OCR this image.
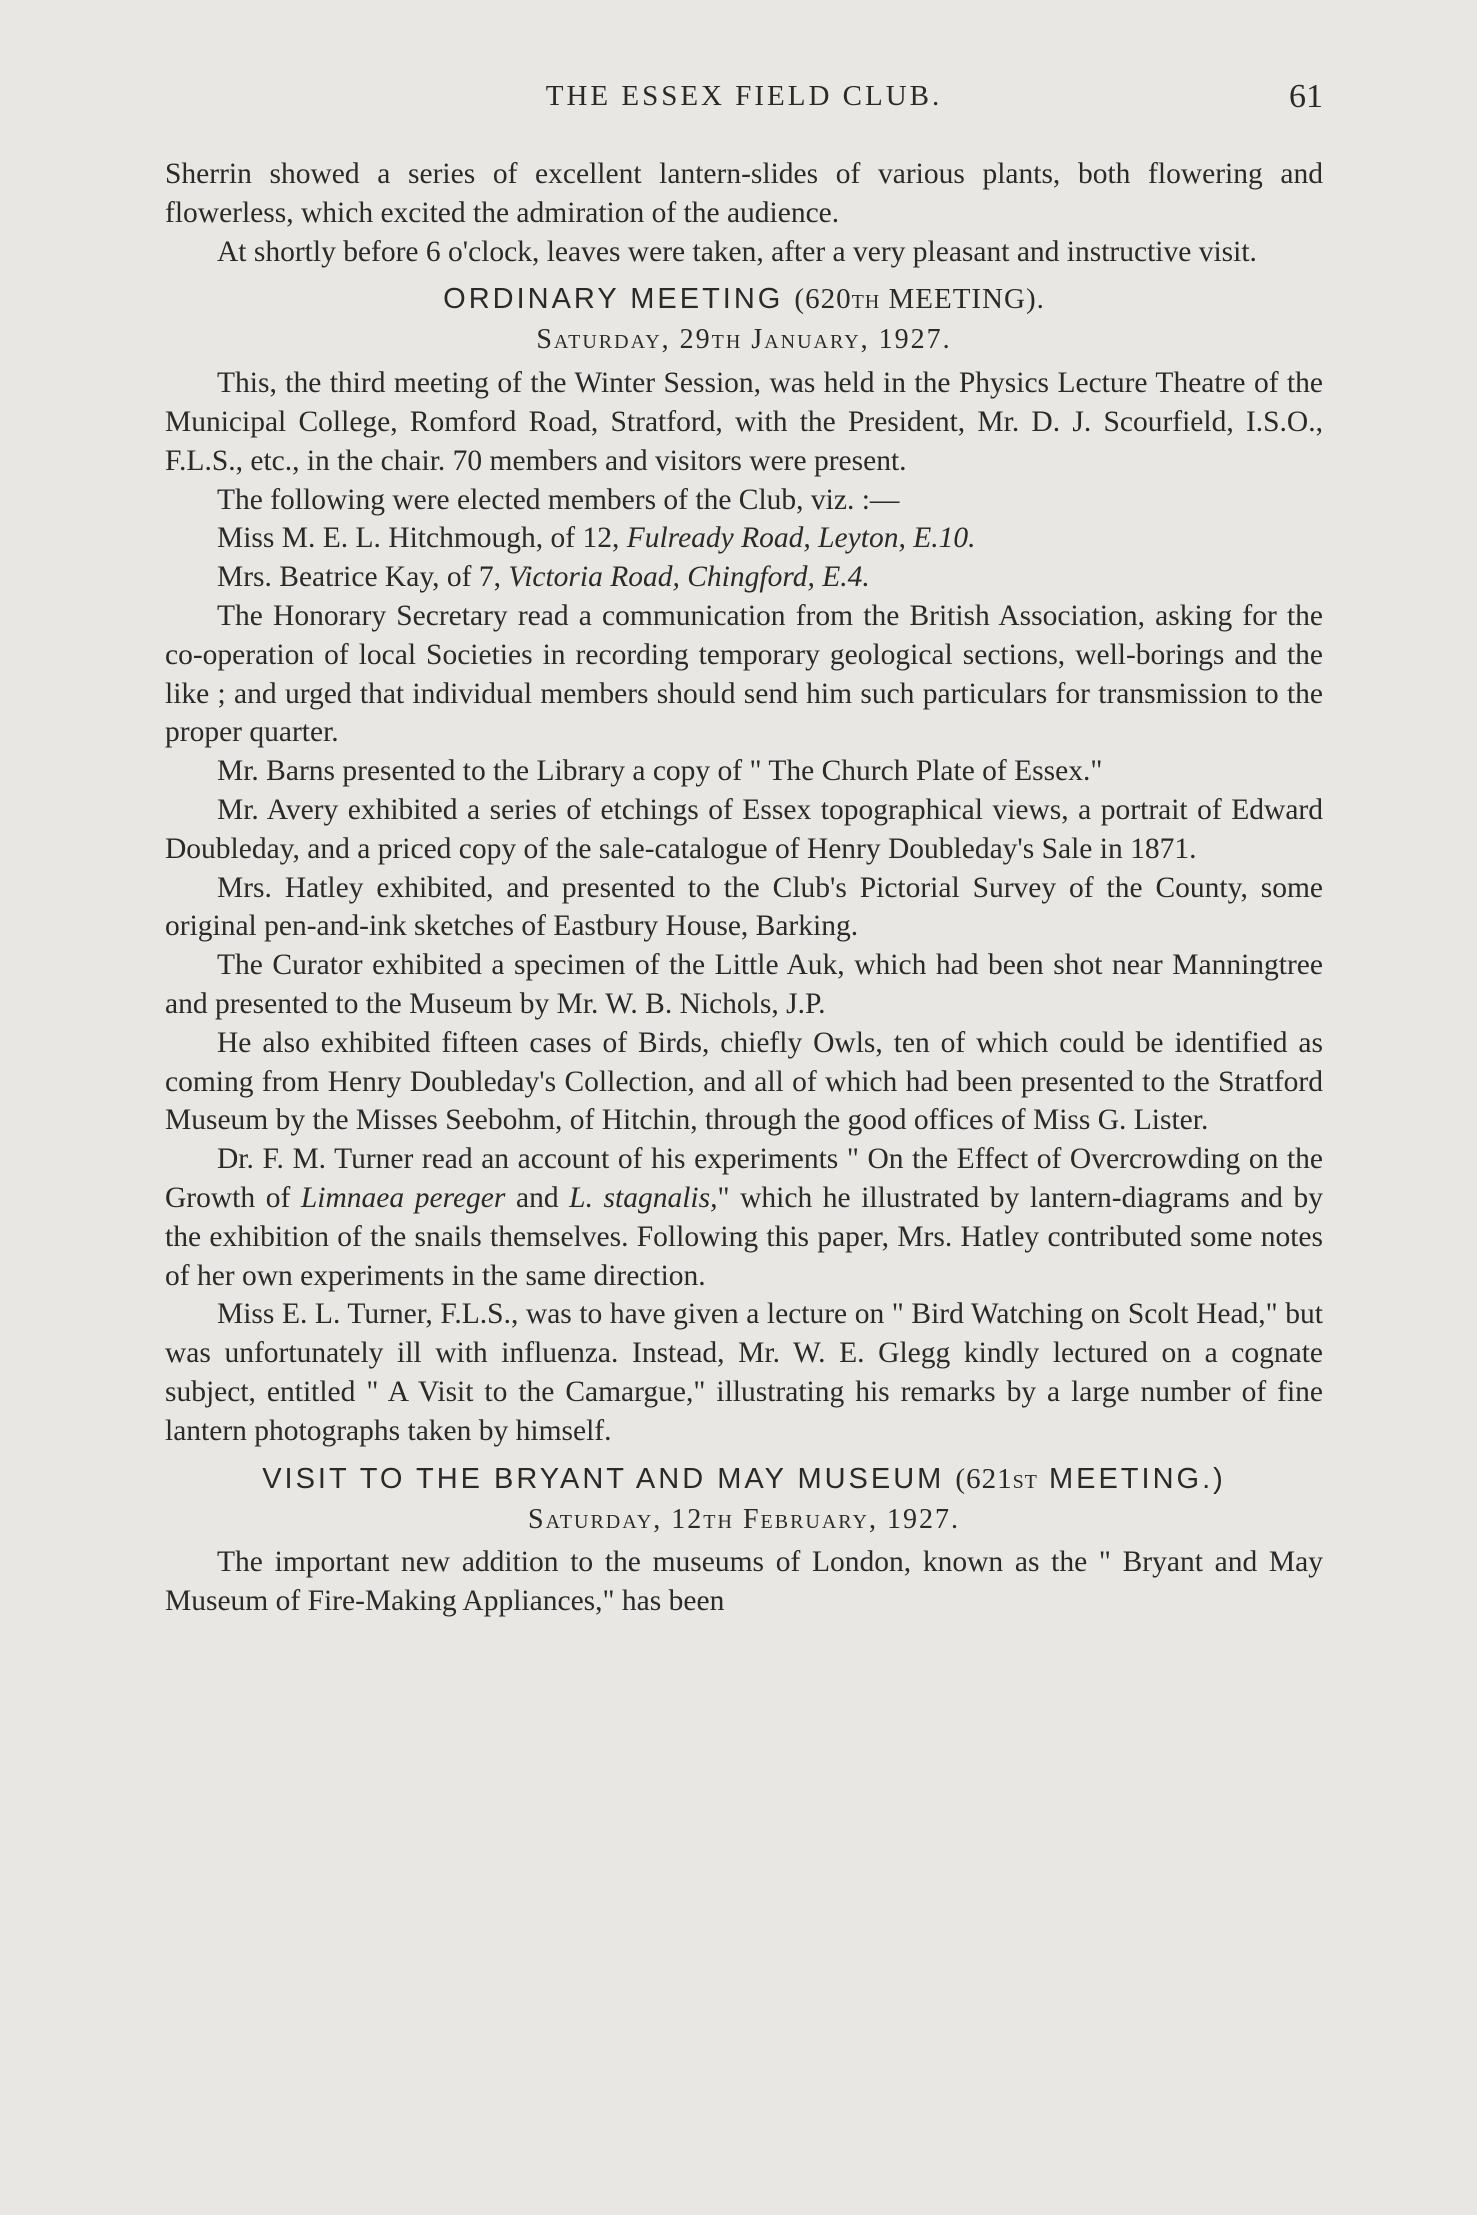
THE ESSEX FIELD CLUB.	61

Sherrin showed a series of excellent lantern-slides of various plants, both flowering and flowerless, which excited the admiration of the audience.

At shortly before 6 o'clock, leaves were taken, after a very pleasant and instructive visit.

ORDINARY MEETING (620th MEETING).
Saturday, 29th January, 1927.

This, the third meeting of the Winter Session, was held in the Physics Lecture Theatre of the Municipal College, Romford Road, Stratford, with the President, Mr. D. J. Scourfield, I.S.O., F.L.S., etc., in the chair. 70 members and visitors were present.

The following were elected members of the Club, viz. :—

Miss M. E. L. Hitchmough, of 12, Fulready Road, Leyton, E.10.

Mrs. Beatrice Kay, of 7, Victoria Road, Chingford, E.4.

The Honorary Secretary read a communication from the British Association, asking for the co-operation of local Societies in recording temporary geological sections, well-borings and the like ; and urged that individual members should send him such particulars for transmission to the proper quarter.

Mr. Barns presented to the Library a copy of " The Church Plate of Essex."

Mr. Avery exhibited a series of etchings of Essex topographical views, a portrait of Edward Doubleday, and a priced copy of the sale-catalogue of Henry Doubleday's Sale in 1871.

Mrs. Hatley exhibited, and presented to the Club's Pictorial Survey of the County, some original pen-and-ink sketches of Eastbury House, Barking.

The Curator exhibited a specimen of the Little Auk, which had been shot near Manningtree and presented to the Museum by Mr. W. B. Nichols, J.P.

He also exhibited fifteen cases of Birds, chiefly Owls, ten of which could be identified as coming from Henry Doubleday's Collection, and all of which had been presented to the Stratford Museum by the Misses Seebohm, of Hitchin, through the good offices of Miss G. Lister.

Dr. F. M. Turner read an account of his experiments " On the Effect of Overcrowding on the Growth of Limnaea pereger and L. stagnalis," which he illustrated by lantern-diagrams and by the exhibition of the snails themselves. Following this paper, Mrs. Hatley contributed some notes of her own experiments in the same direction.

Miss E. L. Turner, F.L.S., was to have given a lecture on " Bird Watching on Scolt Head," but was unfortunately ill with influenza. Instead, Mr. W. E. Glegg kindly lectured on a cognate subject, entitled " A Visit to the Camargue," illustrating his remarks by a large number of fine lantern photographs taken by himself.

VISIT TO THE BRYANT AND MAY MUSEUM (621st MEETING.)
Saturday, 12th February, 1927.

The important new addition to the museums of London, known as the " Bryant and May Museum of Fire-Making Appliances," has been
